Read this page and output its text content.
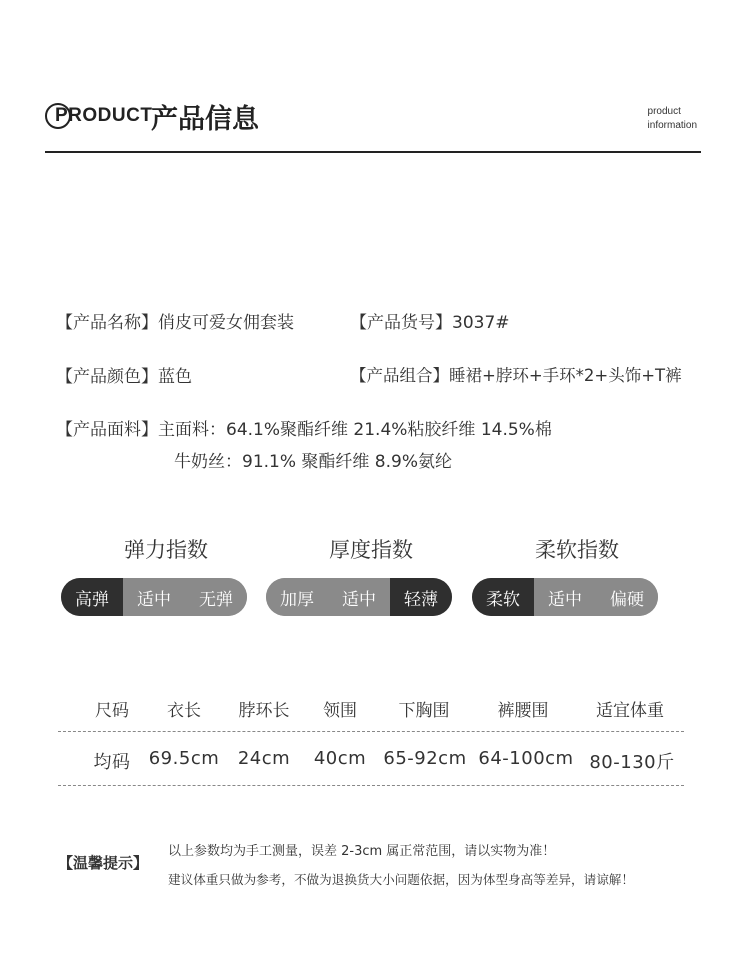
PRODUCT
产品信息	product
information
【产品名称】俏皮可爱女佣套装	【产品货号】3037#
【产品颜色】蓝色	【产品组合】睡裙+脖环+手环*2+头饰+T裤
【产品面料】主面料：64.1%聚酯纤维 21.4%粘胶纤维 14.5%棉
牛奶丝：91.1% 聚酯纤维 8.9%氨纶
弹力指数
高弹	适中	无弹
厚度指数
加厚	适中	轻薄
柔软指数
柔软	适中	偏硬
尺码	衣长	脖环长	领围	下胸围	裤腰围	适宜体重
均码	69.5cm	24cm	40cm 65-92cm 64-100cm 80-130斤
【温馨提示】
以上参数均为手工测量，误差 2-3cm 属正常范围，请以实物为准！
建议体重只做为参考，不做为退换货大小问题依据，因为体型身高等差异，请谅解！
